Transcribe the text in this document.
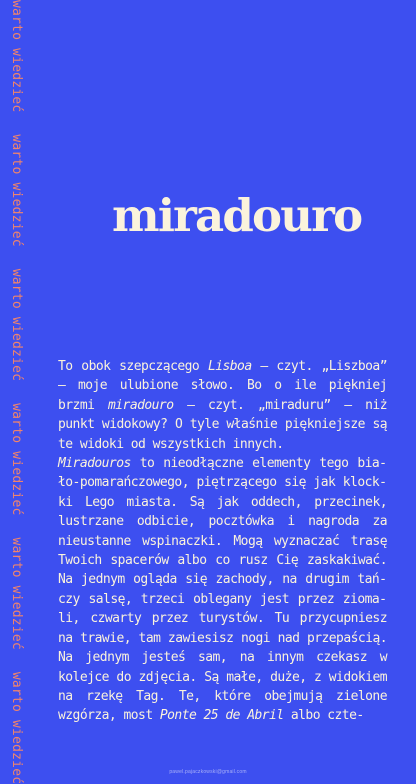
warto wiedziećwarto wiedziećwarto wiedziećwarto wiedziećwarto wiedziećwarto wiedzieć
miradouro

To obok szepczącego Lisboa – czyt. „Liszboa” – moje ulubione słowo. Bo o ile piękniej brzmi miradouro – czyt. „miraduru” – niż punkt widokowy? O tyle właśnie piękniejsze są te widoki od wszystkich innych.

Miradouros to nieodłączne elementy tego biało-pomarańczowego, piętrzącego się jak klockki Lego miasta. Są jak oddech, przecinek, lustrzane odbicie, pocztówka i nagroda za nieustanne wspinaczki. Mogą wyznaczać trasę Twoich spacerów albo co rusz Cię zaskakiwać. Na jednym ogląda się zachody, na drugim tańczy salsę, trzeci oblegany jest przez ziomali, czwarty przez turystów. Tu przycupniesz na trawie, tam zawiesisz nogi nad przepaścią. Na jednym jesteś sam, na innym czekasz w kolejce do zdjęcia. Są małe, duże, z widokiem na rzekę Tag. Te, które obejmują zielone wzgórza, most Ponte 25 de Abril albo czte-

pawel.pajaczkowski@gmail.com
